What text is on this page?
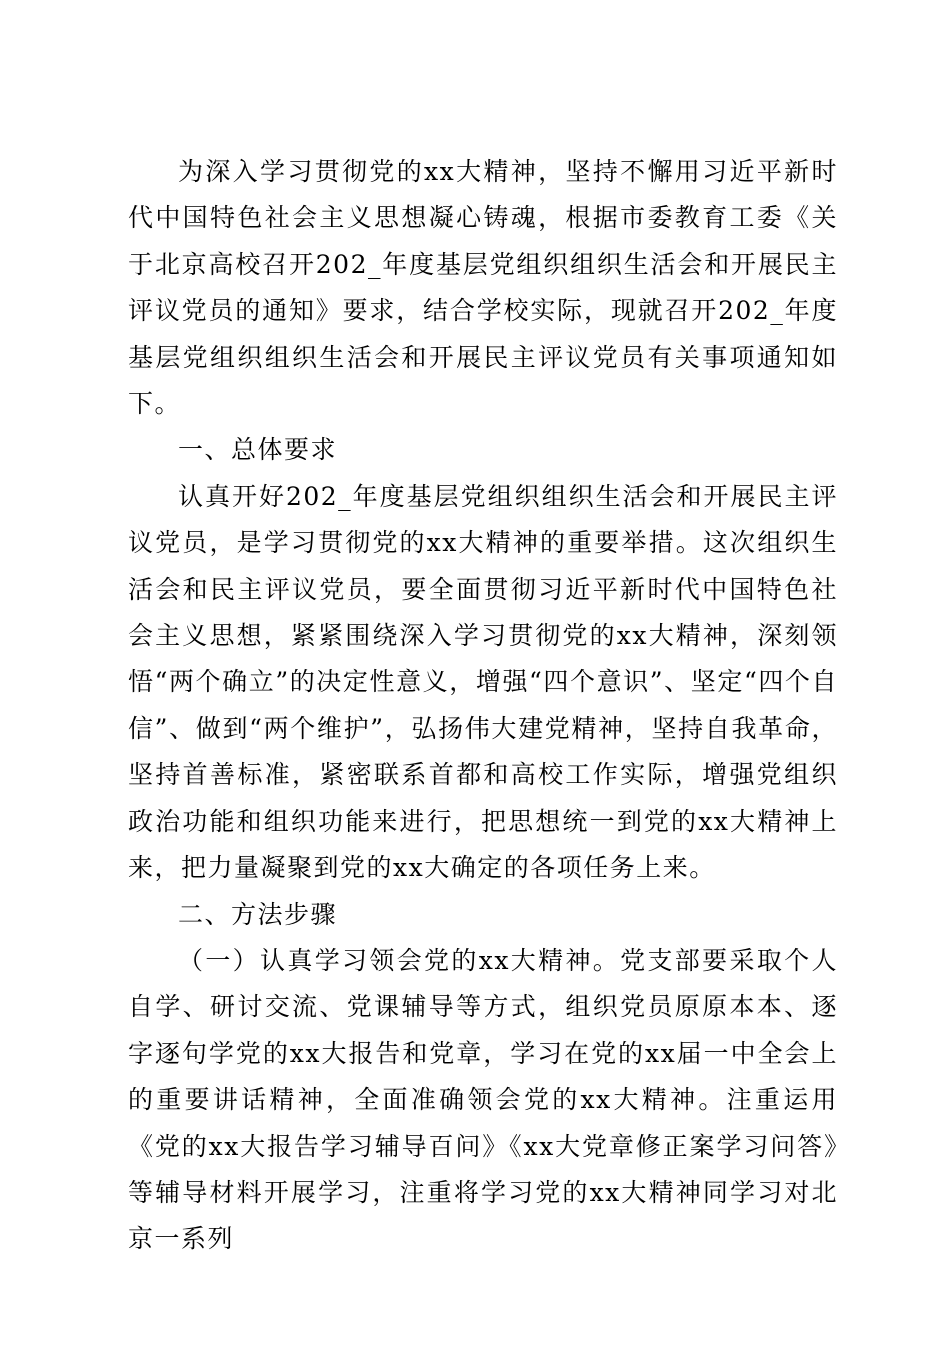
为深入学习贯彻党的xx大精神，坚持不懈用习近平新时代中国特色社会主义思想凝心铸魂，根据市委教育工委《关于北京高校召开202_年度基层党组织组织生活会和开展民主评议党员的通知》要求，结合学校实际，现就召开202_年度基层党组织组织生活会和开展民主评议党员有关事项通知如下。

一、总体要求

认真开好202_年度基层党组织组织生活会和开展民主评议党员，是学习贯彻党的xx大精神的重要举措。这次组织生活会和民主评议党员，要全面贯彻习近平新时代中国特色社会主义思想，紧紧围绕深入学习贯彻党的xx大精神，深刻领悟“两个确立”的决定性意义，增强“四个意识”、坚定“四个自信”、做到“两个维护”，弘扬伟大建党精神，坚持自我革命，坚持首善标准，紧密联系首都和高校工作实际，增强党组织政治功能和组织功能来进行，把思想统一到党的xx大精神上来，把力量凝聚到党的xx大确定的各项任务上来。

二、方法步骤

（一）认真学习领会党的xx大精神。党支部要采取个人自学、研讨交流、党课辅导等方式，组织党员原原本本、逐字逐句学党的xx大报告和党章，学习在党的xx届一中全会上的重要讲话精神，全面准确领会党的xx大精神。注重运用《党的xx大报告学习辅导百问》《xx大党章修正案学习问答》等辅导材料开展学习，注重将学习党的xx大精神同学习对北京一系列
